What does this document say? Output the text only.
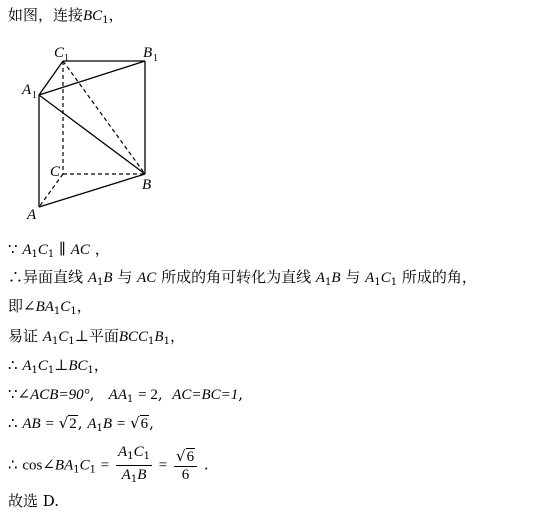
C 1	B 1
A 1
C
B
A
如图，连接$BC_1$，
∵ $A_1C_1$ ∥ AC ，
∴异面直线 $A_1B$ 与 AC 所成的角可转化为直线 $A_1B$ 与 $A_1C_1$ 所成的角，
即$\angle BA_1C_1$，
易证 $A_1C_1\perp$平面$BCC_1B_1$，
∴ $A_1C_1\perp BC_1$，
∵∠ACB=90°, $AA_1 = 2$, AC=BC=1,
∴ AB = √2, $A_1B = √6$,
∴ $\cos\angle BA_1C_1 = \frac{A_1C_1}{A_1B} = \frac{√6}{6}$ .
故选 D.
